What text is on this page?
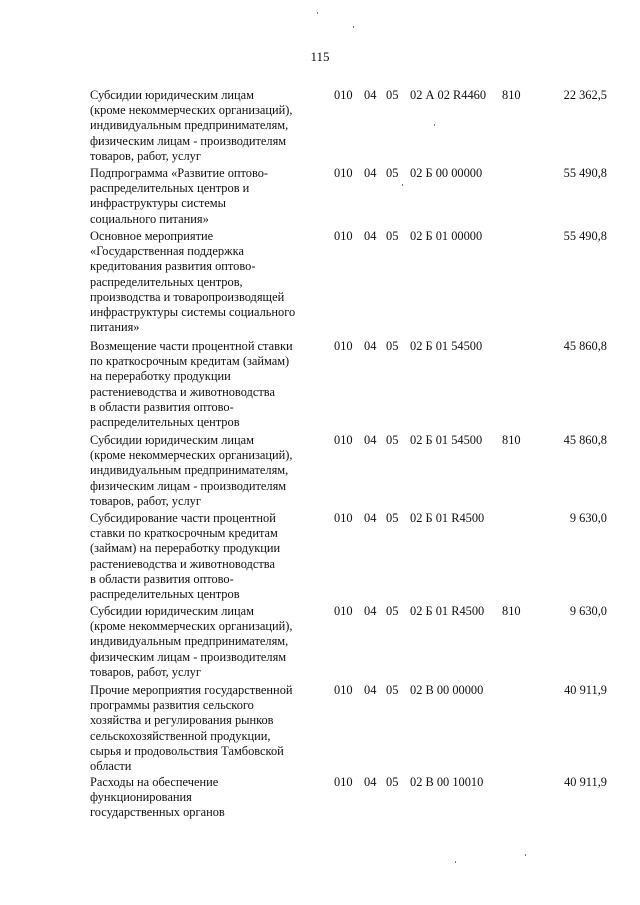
115
Субсидии юридическим лицам
(кроме некоммерческих организаций),
индивидуальным предпринимателям,
физическим лицам - производителям
товаров, работ, услуг
010 04 05 02 А 02 R4460 810	22 362,5
Подпрограмма «Развитие оптово-
распределительных центров и
инфраструктуры системы
социального питания»
010 04 05 02 Б 00 00000	55 490,8
Основное мероприятие
«Государственная поддержка
кредитования развития оптово-
распределительных центров,
производства и товаропроизводящей
инфраструктуры системы социального
питания»
010 04 05 02 Б 01 00000	55 490,8
Возмещение части процентной ставки
по краткосрочным кредитам (займам)
на переработку продукции
растениеводства и животноводства
в области развития оптово-
распределительных центров
010 04 05 02 Б 01 54500	45 860,8
Субсидии юридическим лицам
(кроме некоммерческих организаций),
индивидуальным предпринимателям,
физическим лицам - производителям
товаров, работ, услуг
010 04 05 02 Б 01 54500 810	45 860,8
Субсидирование части процентной
ставки по краткосрочным кредитам
(займам) на переработку продукции
растениеводства и животноводства
в области развития оптово-
распределительных центров
010 04 05 02 Б 01 R4500	9 630,0
Субсидии юридическим лицам
(кроме некоммерческих организаций),
индивидуальным предпринимателям,
физическим лицам - производителям
товаров, работ, услуг
010 04 05 02 Б 01 R4500 810	9 630,0
Прочие мероприятия государственной
программы развития сельского
хозяйства и регулирования рынков
сельскохозяйственной продукции,
сырья и продовольствия Тамбовской
области
010 04 05 02 В 00 00000	40 911,9
Расходы на обеспечение
функционирования
государственных органов
010 04 05 02 В 00 10010	40 911,9
